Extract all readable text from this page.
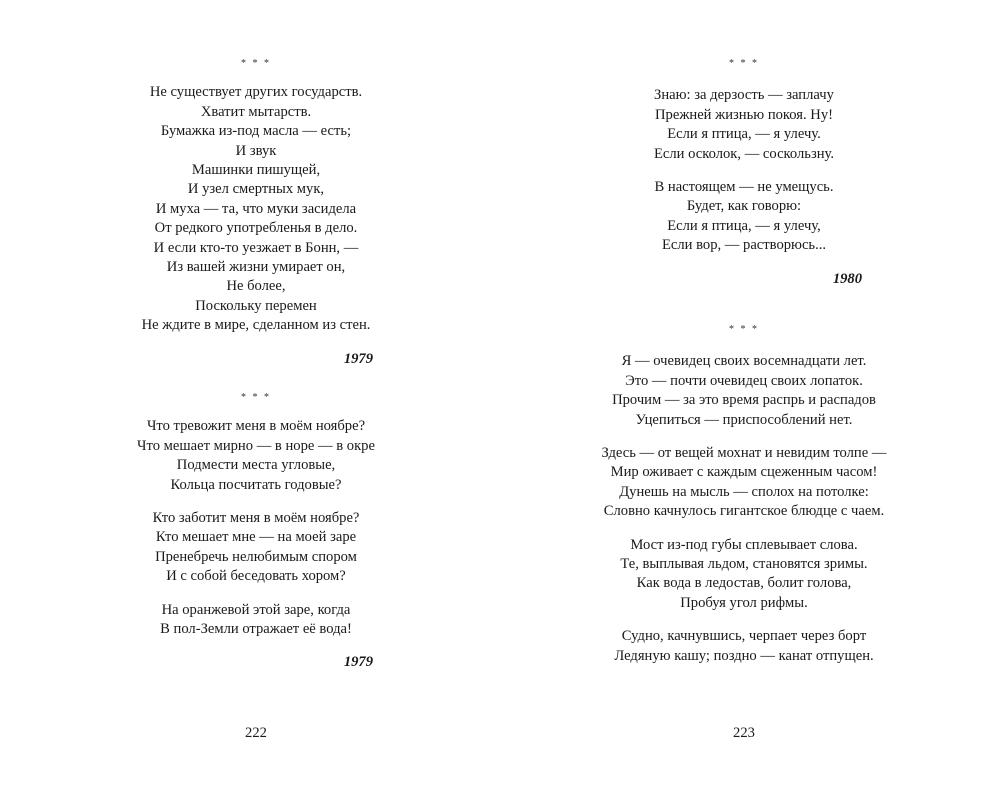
* * *
Не существует других государств.
Хватит мытарств.
Бумажка из-под масла — есть;
И звук
Машинки пишущей,
И узел смертных мук,
И муха — та, что муки засидела
От редкого употребленья в дело.
И если кто-то уезжает в Бонн, —
Из вашей жизни умирает он,
Не более,
Поскольку перемен
Не ждите в мире, сделанном из стен.
1979
* * *
Что тревожит меня в моём ноябре?
Что мешает мирно — в норе — в окре
Подмести места угловые,
Кольца посчитать годовые?
Кто заботит меня в моём ноябре?
Кто мешает мне — на моей заре
Пренебречь нелюбимым спором
И с собой беседовать хором?
На оранжевой этой заре, когда
В пол-Земли отражает её вода!
1979
222
* * *
Знаю: за дерзость — заплачу
Прежней жизнью покоя. Ну!
Если я птица, — я улечу.
Если осколок, — соскользну.
В настоящем — не умещусь.
Будет, как говорю:
Если я птица, — я улечу,
Если вор, — растворюсь...
1980
* * *
Я — очевидец своих восемнадцати лет.
Это — почти очевидец своих лопаток.
Прочим — за это время распрь и распадов
Уцепиться — приспособлений нет.
Здесь — от вещей мохнат и невидим толпе —
Мир оживает с каждым сцеженным часом!
Дунешь на мысль — сполох на потолке:
Словно качнулось гигантское блюдце с чаем.
Мост из-под губы сплевывает слова.
Те, выплывая льдом, становятся зримы.
Как вода в ледостав, болит голова,
Пробуя угол рифмы.
Судно, качнувшись, черпает через борт
Ледяную кашу; поздно — канат отпущен.
223
